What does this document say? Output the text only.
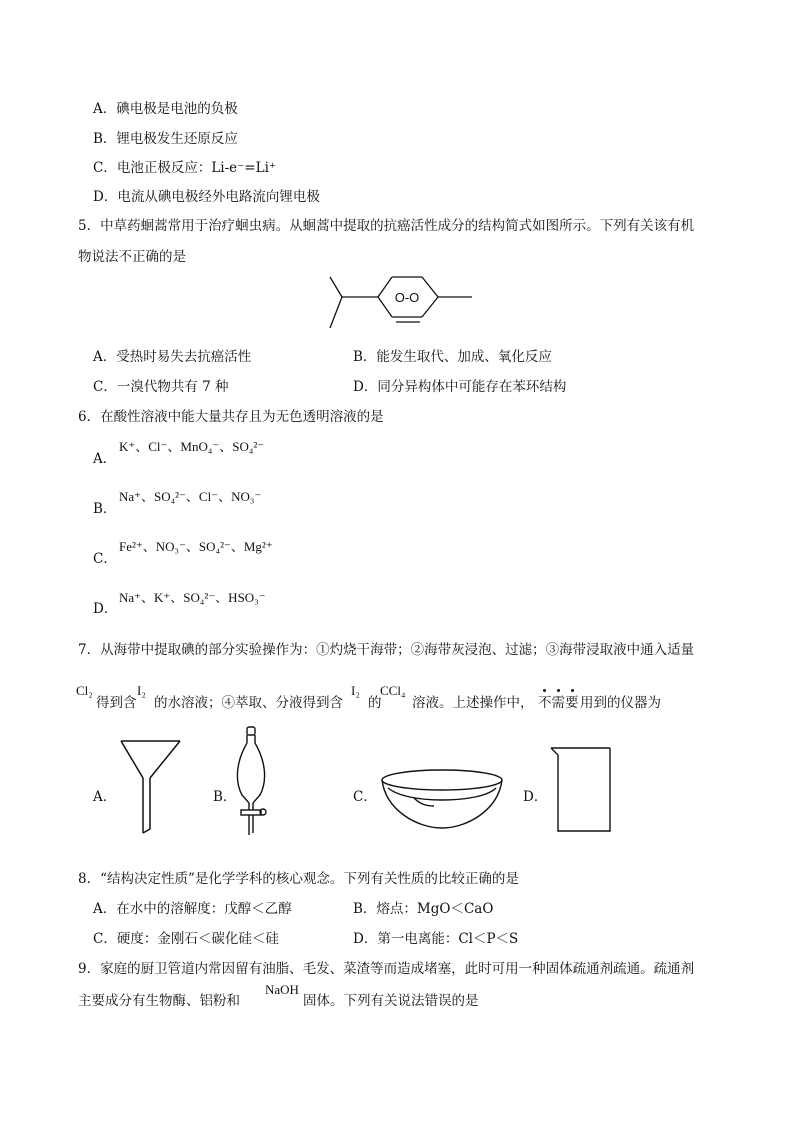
A．碘电极是电池的负极
B．锂电极发生还原反应
C．电池正极反应：Li-e⁻=Li⁺
D．电流从碘电极经外电路流向锂电极
5．中草药蛔蒿常用于治疗蛔虫病。从蛔蒿中提取的抗癌活性成分的结构简式如图所示。下列有关该有机
物说法不正确的是
O-O
A．受热时易失去抗癌活性	B．能发生取代、加成、氧化反应
C．一溴代物共有 7 种	D．同分异构体中可能存在苯环结构
6．在酸性溶液中能大量共存且为无色透明溶液的是
A．
K⁺、Cl⁻、MnO₄⁻、SO₄²⁻
B．
Na⁺、SO₄²⁻、Cl⁻、NO₃⁻
C．
Fe²⁺、NO₃⁻、SO₄²⁻、Mg²⁺
D．
Na⁺、K⁺、SO₄²⁻、HSO₃⁻
7．从海带中提取碘的部分实验操作为：①灼烧干海带；②海带灰浸泡、过滤；③海带浸取液中通入适量
Cl₂
得到含
I₂
的水溶液；④萃取、分液得到含
I₂
的
CCl₄
溶液。上述操作中， 不需要 用到的仪器为
A．	B．	C．	D．
8．“结构决定性质”是化学学科的核心观念。下列有关性质的比较正确的是
A．在水中的溶解度：戊醇＜乙醇	B．熔点：MgO＜CaO
C．硬度：金刚石＜碳化硅＜硅	D．第一电离能：Cl＜P＜S
9．家庭的厨卫管道内常因留有油脂、毛发、菜渣等而造成堵塞，此时可用一种固体疏通剂疏通。疏通剂
主要成分有生物酶、铝粉和
NaOH
固体。下列有关说法错误的是
